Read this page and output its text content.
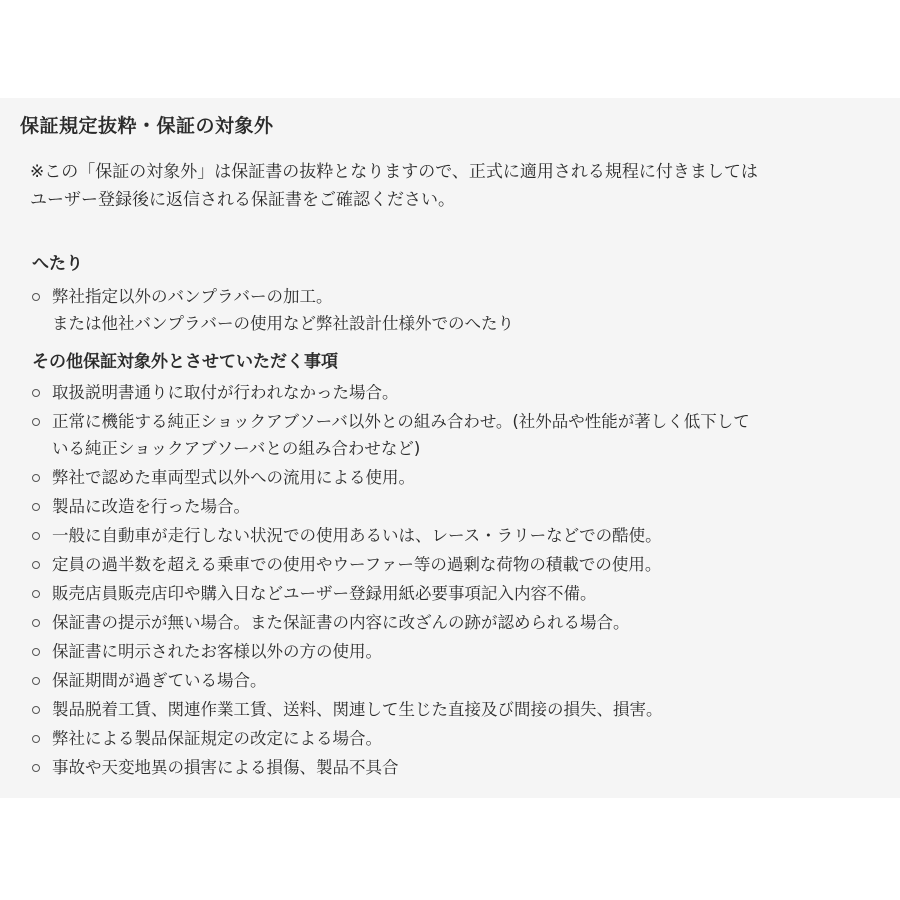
保証規定抜粋・保証の対象外

※この「保証の対象外」は保証書の抜粋となりますので、正式に適用される規程に付きましては

ユーザー登録後に返信される保証書をご確認ください。

へたり
弊社指定以外のバンプラバーの加工。
または他社バンプラバーの使用など弊社設計仕様外でのへたり
その他保証対象外とさせていただく事項
取扱説明書通りに取付が行われなかった場合。
正常に機能する純正ショックアブソーバ以外との組み合わせ。(社外品や性能が著しく低下して
いる純正ショックアブソーバとの組み合わせなど)
弊社で認めた車両型式以外への流用による使用。
製品に改造を行った場合。
一般に自動車が走行しない状況での使用あるいは、レース・ラリーなどでの酷使。
定員の過半数を超える乗車での使用やウーファー等の過剰な荷物の積載での使用。
販売店員販売店印や購入日などユーザー登録用紙必要事項記入内容不備。
保証書の提示が無い場合。また保証書の内容に改ざんの跡が認められる場合。
保証書に明示されたお客様以外の方の使用。
保証期間が過ぎている場合。
製品脱着工賃、関連作業工賃、送料、関連して生じた直接及び間接の損失、損害。
弊社による製品保証規定の改定による場合。
事故や天変地異の損害による損傷、製品不具合
